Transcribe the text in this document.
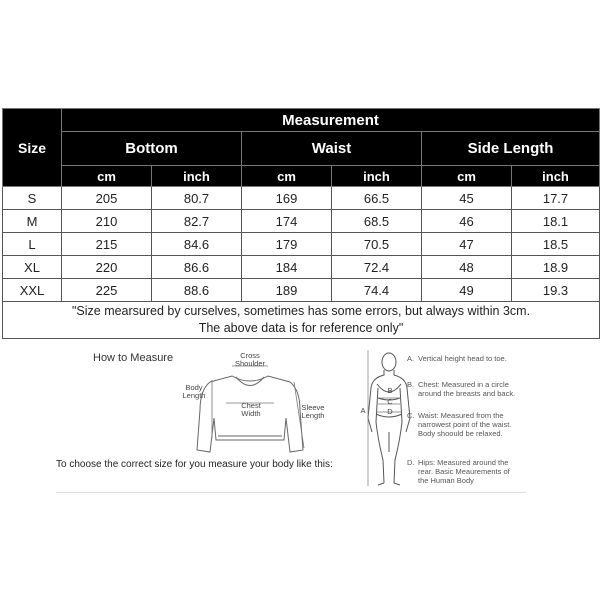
Size	Measurement					
	Bottom		Waist		Side Length	
	cm	inch	cm	inch	cm	inch
S	205	80.7	169	66.5	45	17.7
M	210	82.7	174	68.5	46	18.1
L	215	84.6	179	70.5	47	18.5
XL	220	86.6	184	72.4	48	18.9
XXL	225	88.6	189	74.4	49	19.3
"Size mearsured by curselves, sometimes has some errors, but always within 3cm.
The above data is for reference only"						
How to Measure	Cross
Shoulder
Body
Length
Chest
Width
Sleeve
Length
A
B
C
D
A. Vertical height head to toe.
B. Chest: Measured in a circle around the breasts and back.
C. Waist: Measured from the narrowest point of the waist. Body shoould be relaxed.
D. Hips: Measured around the rear. Basic Meaurements of the Human Body
To choose the correct size for you measure your body like this:
